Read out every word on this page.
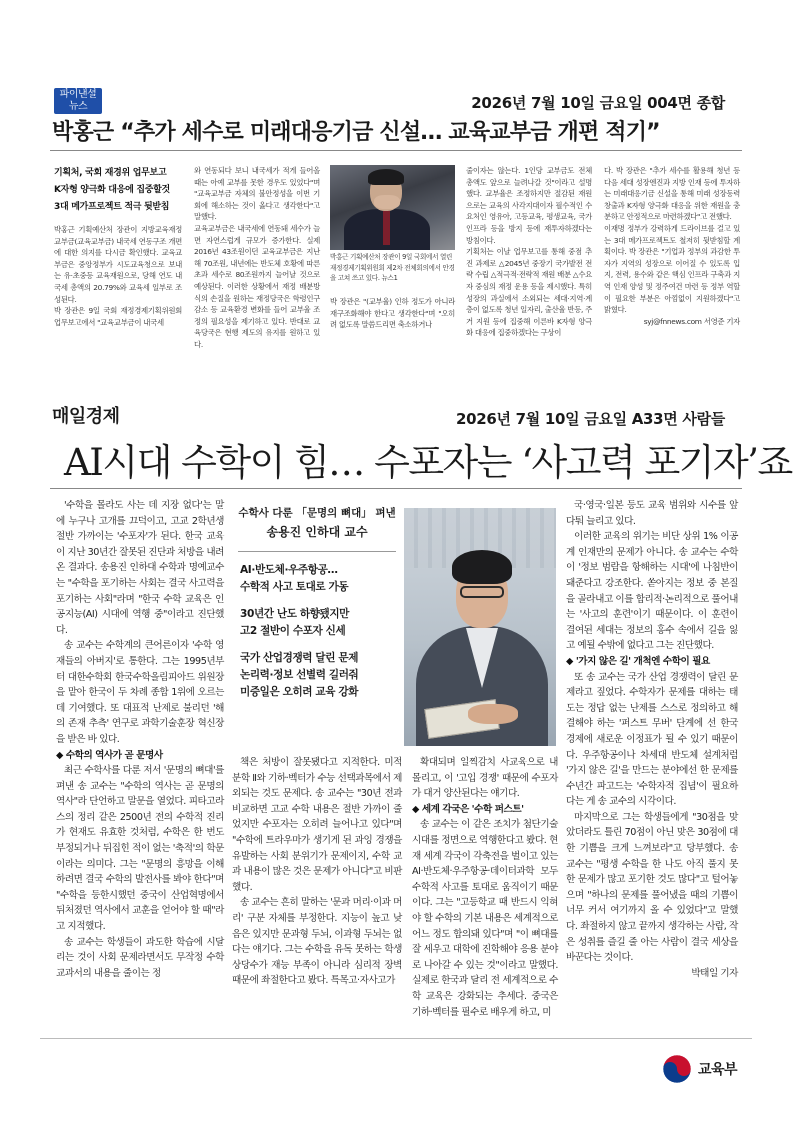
파이낸셜
뉴스	2026년 7월 10일 금요일 004면 종합
박홍근 “추가 세수로 미래대응기금 신설… 교육교부금 개편 적기”
기획처, 국회 재경위 업무보고
K자형 양극화 대응에 집중할것
3대 메가프로젝트 적극 뒷받침

박홍근 기획예산처 장관이 지방교육재정교부금(교육교부금) 내국세 연동구조 개편에 대한 의지를 다시금 확인했다. 교육교부금은 중앙정부가 시도교육청으로 보내는 유·초중등 교육재원으로, 당해 연도 내국세 총액의 20.79%와 교육세 일부로 조성된다.

박 장관은 9일 국회 재정경제기획위원회 업무보고에서 "교육교부금이 내국세

와 연동되다 보니 내국세가 적게 들어올 때는 아예 교부를 못한 경우도 있었다"며 "교육교부금 자체의 불안정성을 이번 기회에 해소하는 것이 옳다고 생각한다"고 말했다.

교육교부금은 내국세에 연동돼 세수가 늘면 자연스럽게 규모가 증가한다. 실제 2016년 43조원이던 교육교부금은 지난해 70조원, 내년에는 반도체 호황에 따른 초과 세수로 80조원까지 늘어날 것으로 예상된다. 이러한 상황에서 재정 배분방식의 손질을 원하는 재정당국은 학령인구 감소 등 교육환경 변화를 들어 교부율 조정의 필요성을 제기하고 있다. 반대로 교육당국은 현행 제도의 유지를 원하고 있다.

박홍근 기획예산처 장관이 9일 국회에서 열린 재정경제기획위원회 제2차 전체회의에서 안경을 고쳐 쓰고 있다. 뉴스1

박 장관은 "(교부율) 인하 정도가 아니라 재구조화해야 한다고 생각한다"며 "오히려 없도록 말씀드리면 축소하거나

줄이자는 않는다. 1인당 교부금도 전체 총액도 앞으로 늘려나갈 것"이라고 설명했다. 교부율은 조정하지만 절감된 재원으로는 교육의 사각지대이자 필수적인 수요처인 영유아, 고등교육, 평생교육, 국가 인프라 등을 방지 등에 재투자하겠다는 방침이다.

기획처는 이날 업무보고를 통해 중점 추진 과제로 △2045년 중장기 국가발전 전략 수립 △적극적·전략적 재원 배분 △수요자 중심의 재정 운용 등을 제시했다. 특히 성장의 과실에서 소외되는 세대·지역·계층이 없도록 청년 일자리, 출산율 반등, 주거 지원 등에 집중해 이른바 K자형 양극화 대응에 집중하겠다는 구상이

다. 박 장관은 "추가 세수를 활용해 청년 등 다음 세대 성장엔진과 지방 인재 등에 투자하는 미래대응기금 신설을 통해 미래 성장동력 창출과 K자형 양극화 대응을 위한 재원을 충분하고 안정적으로 마련하겠다"고 전했다.

이재명 정부가 강력하게 드라이브를 걸고 있는 3대 메가프로젝트도 철저히 뒷받침할 계획이다. 박 장관은 "기업과 정부의 과감한 투자가 지역의 성장으로 이어질 수 있도록 입지, 전력, 용수와 같은 핵심 인프라 구축과 지역 인재 양성 및 정주여건 마련 등 정부 역할이 필요한 부분은 아낌없이 지원하겠다"고 밝혔다.

syj@fnnews.com 서영준 기자

매일경제	2026년 7월 10일 금요일 A33면 사람들
AI시대 수학이 힘… 수포자는 ‘사고력 포기자’죠

'수학을 몰라도 사는 데 지장 없다'는 말에 누구나 고개를 끄덕이고, 고교 2학년생 절반 가까이는 '수포자'가 된다. 한국 교육이 지난 30년간 잘못된 진단과 처방을 내려온 결과다. 송용진 인하대 수학과 명예교수는 "수학을 포기하는 사회는 결국 사고력을 포기하는 사회"라며 "한국 수학 교육은 인공지능(AI) 시대에 역행 중"이라고 진단했다.

송 교수는 수학계의 큰어른이자 '수학 영재들의 아버지'로 통한다. 그는 1995년부터 대한수학회 한국수학올림피아드 위원장을 맡아 한국이 두 차례 종합 1위에 오르는 데 기여했다. 또 대표적 난제로 불리던 '해의 존재 추측' 연구로 과학기술훈장 혁신장을 받은 바 있다.

◆ 수학의 역사가 곧 문명사

최근 수학사를 다룬 저서 '문명의 뼈대'를 펴낸 송 교수는 "수학의 역사는 곧 문명의 역사"라 단언하고 말문을 열었다. 피타고라스의 정리 같은 2500년 전의 수학적 진리가 현재도 유효한 것처럼, 수학은 한 번도 부정되거나 뒤집힌 적이 없는 '축적'의 학문이라는 의미다. 그는 "문명의 흥망을 이해하려면 결국 수학의 발전사를 봐야 한다"며 "수학을 등한시했던 중국이 산업혁명에서 뒤처졌던 역사에서 교훈을 얻어야 할 때"라고 지적했다.

송 교수는 학생들이 과도한 학습에 시달리는 것이 사회 문제라면서도 무작정 수학 교과서의 내용을 줄이는 정

수학사 다룬 「문명의 뼈대」 펴낸
송용진 인하대 교수
AI·반도체·우주항공…
수학적 사고 토대로 가동
30년간 난도 하향됐지만
고2 절반이 수포자 신세
국가 산업경쟁력 달린 문제
논리력·정보 선별력 길러줘
미증일은 오히려 교육 강화

책은 처방이 잘못됐다고 지적한다. 미적분학 Ⅱ와 기하·벡터가 수능 선택과목에서 제외되는 것도 문제다. 송 교수는 "30년 전과 비교하면 고교 수학 내용은 절반 가까이 줄었지만 수포자는 오히려 늘어나고 있다"며 "수학에 트라우마가 생기게 된 과잉 경쟁을 유발하는 사회 분위기가 문제이지, 수학 교과 내용이 많은 것은 문제가 아니다"고 비판했다.

송 교수는 흔히 말하는 '문과 머리·이과 머리' 구분 자체를 부정한다. 지능이 높고 낮음은 있지만 문과형 두뇌, 이과형 두뇌는 없다는 얘기다. 그는 수학을 유독 못하는 학생 상당수가 재능 부족이 아니라 심리적 장벽 때문에 좌절한다고 봤다. 특목고·자사고가

확대되며 일찍감치 사교육으로 내몰리고, 이 '고입 경쟁' 때문에 수포자가 대거 양산된다는 얘기다.

◆ 세계 각국은 '수학 퍼스트'

송 교수는 이 같은 조치가 첨단기술 시대를 정면으로 역행한다고 봤다. 현재 세계 각국이 각축전을 벌이고 있는 AI·반도체·우주항공·데이터과학 모두 수학적 사고를 토대로 움직이기 때문이다. 그는 "고등학교 때 반드시 익혀야 할 수학의 기본 내용은 세계적으로 어느 정도 합의돼 있다"며 "이 뼈대를 잘 세우고 대학에 진학해야 응용 분야로 나아갈 수 있는 것"이라고 말했다. 실제로 한국과 달리 전 세계적으로 수학 교육은 강화되는 추세다. 중국은 기하·벡터를 필수로 배우게 하고, 미

국·영국·일본 등도 교육 범위와 시수를 앞다퉈 늘리고 있다.

이러한 교육의 위기는 비단 상위 1% 이공계 인재만의 문제가 아니다. 송 교수는 수학이 '정보 범람을 항해하는 시대'에 나침반이 돼준다고 강조한다. 쏟아지는 정보 중 본질을 골라내고 이를 합리적·논리적으로 풀어내는 '사고의 훈련'이기 때문이다. 이 훈련이 결여된 세대는 정보의 홍수 속에서 길을 잃고 예될 수밖에 없다고 그는 진단했다.

◆ '가지 않은 길' 개척엔 수학이 필요

또 송 교수는 국가 산업 경쟁력이 달린 문제라고 짚었다. 수학자가 문제를 대하는 태도는 정답 없는 난제를 스스로 정의하고 해결해야 하는 '퍼스트 무버' 단계에 선 한국 경제에 새로운 이정표가 될 수 있기 때문이다. 우주항공이나 차세대 반도체 설계처럼 '가지 않은 길'을 만드는 분야에선 한 문제를 수년간 파고드는 '수학자적 집념'이 필요하다는 게 송 교수의 시각이다.

마지막으로 그는 학생들에게 "30점을 맞았더라도 틀린 70점이 아닌 맞은 30점에 대한 기쁨을 크게 느껴보라"고 당부했다. 송 교수는 "평생 수학을 한 나도 아직 풀지 못한 문제가 많고 포기한 것도 많다"고 털어놓으며 "하나의 문제를 풀어냈을 때의 기쁨이 너무 커서 여기까지 올 수 있었다"고 말했다. 좌절하지 않고 끝까지 생각하는 사람, 작은 성취를 즐길 줄 아는 사람이 결국 세상을 바꾼다는 것이다.

박태일 기자

교육부
